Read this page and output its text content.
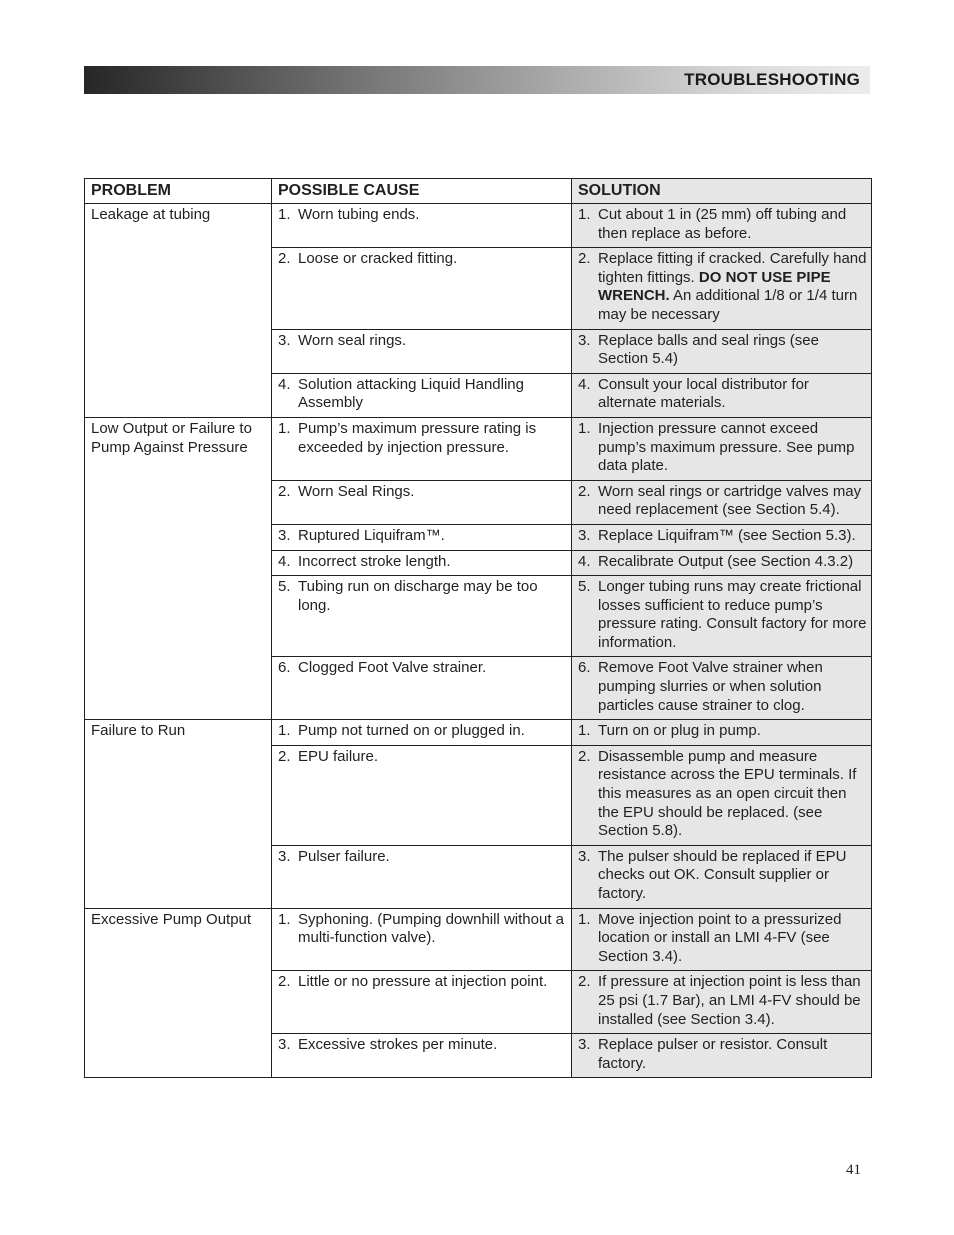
TROUBLESHOOTING
PROBLEM	POSSIBLE CAUSE	SOLUTION
Leakage at tubing	1. Worn tubing ends.	1. Cut about 1 in (25 mm) off tubing and then replace as before.

	2. Loose or cracked fitting.	2. Replace fitting if cracked. Carefully hand tighten fittings. DO NOT USE PIPE WRENCH. An additional 1/8 or 1/4 turn may be necessary

	3. Worn seal rings.	3. Replace balls and seal rings (see Section 5.4)

	4. Solution attacking Liquid Handling Assembly	4. Consult your local distributor for alternate materials.

Low Output or Failure to Pump Against Pressure	1. Pump’s maximum pressure rating is exceeded by injection pressure.	1. Injection pressure cannot exceed pump’s maximum pressure. See pump data plate.

	2. Worn Seal Rings.	2. Worn seal rings or cartridge valves may need replacement (see Section 5.4).

	3. Ruptured Liquifram™.	3. Replace Liquifram™ (see Section 5.3).

	4. Incorrect stroke length.	4. Recalibrate Output (see Section 4.3.2)

	5. Tubing run on discharge may be too long.	5. Longer tubing runs may create frictional losses sufficient to reduce pump’s pressure rating. Consult factory for more information.

	6. Clogged Foot Valve strainer.	6. Remove Foot Valve strainer when pumping slurries or when solution particles cause strainer to clog.

Failure to Run	1. Pump not turned on or plugged in.	1. Turn on or plug in pump.

	2. EPU failure.	2. Disassemble pump and measure resistance across the EPU terminals. If this measures as an open circuit then the EPU should be replaced. (see Section 5.8).

	3. Pulser failure.	3. The pulser should be replaced if EPU checks out OK. Consult supplier or factory.

Excessive Pump Output	1. Syphoning. (Pumping downhill without a multi-function valve).	1. Move injection point to a pressurized location or install an LMI 4-FV (see Section 3.4).

	2. Little or no pressure at injection point.	2. If pressure at injection point is less than 25 psi (1.7 Bar), an LMI 4-FV should be installed (see Section 3.4).

	3. Excessive strokes per minute.	3. Replace pulser or resistor. Consult factory.
41
